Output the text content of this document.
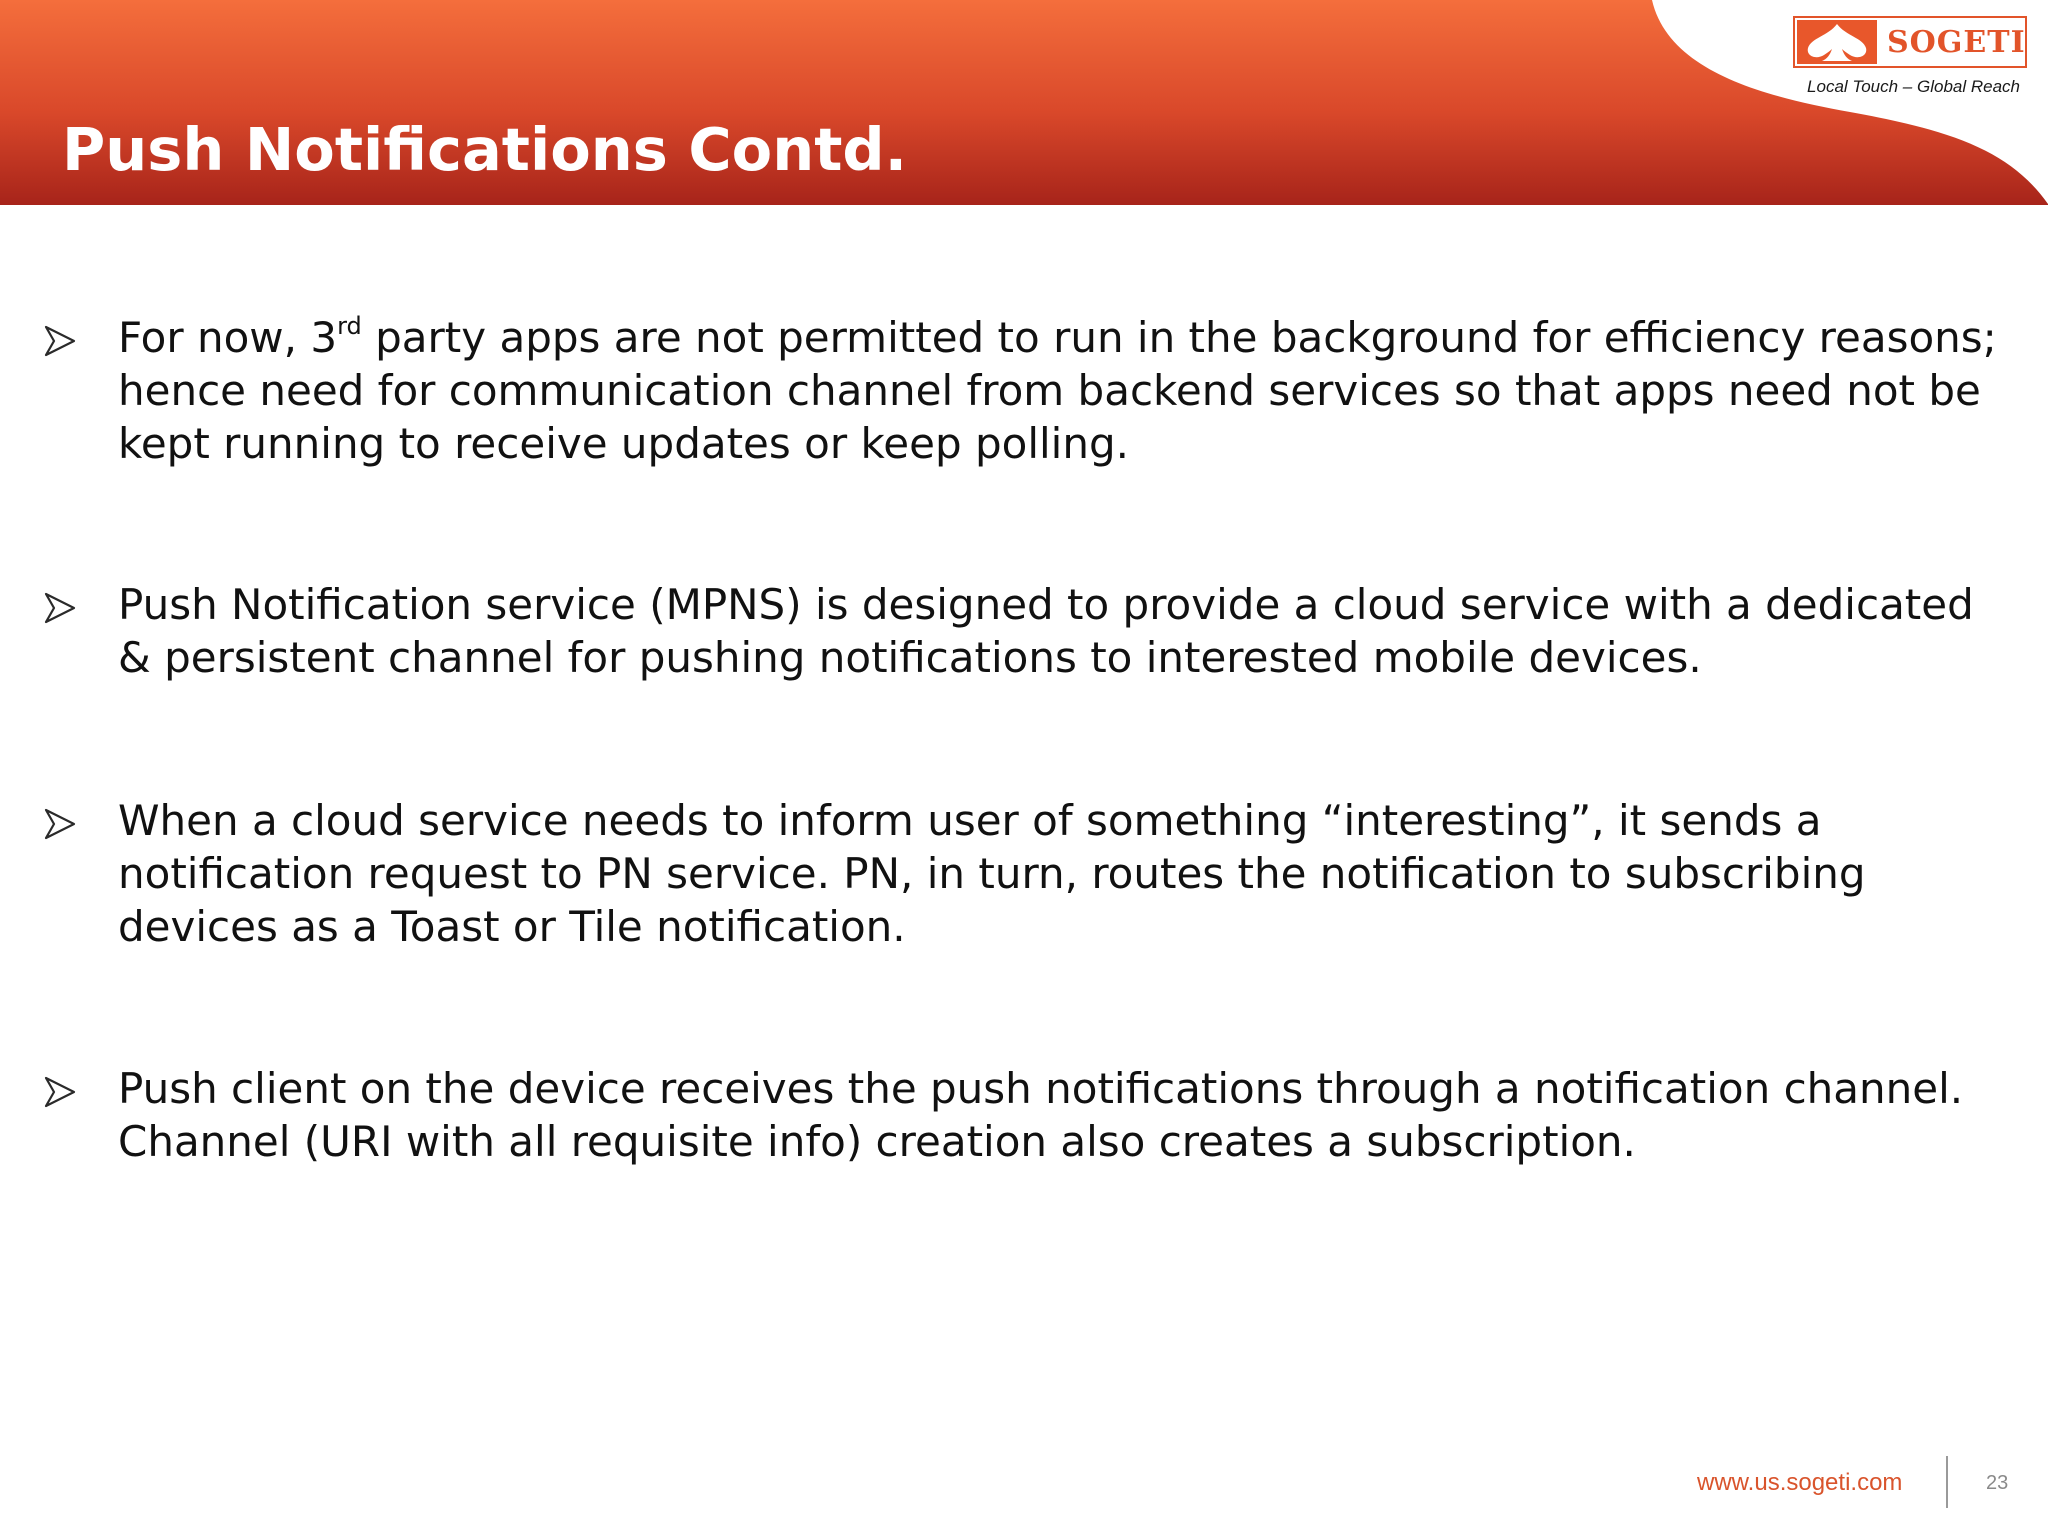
Push Notifications Contd.
SOGETI
Local Touch – Global Reach

For now, 3rd party apps are not permitted to run in the background for efficiency reasons; hence need for communication channel from backend services so that apps need not be kept running to receive updates or keep polling.

Push Notification service (MPNS) is designed to provide a cloud service with a dedicated & persistent channel for pushing notifications to interested mobile devices.

When a cloud service needs to inform user of something “interesting”, it sends a notification request to PN service. PN, in turn, routes the notification to subscribing devices as a Toast or Tile notification.

Push client on the device receives the push notifications through a notification channel. Channel (URI with all requisite info) creation also creates a subscription.

www.us.sogeti.com	23
